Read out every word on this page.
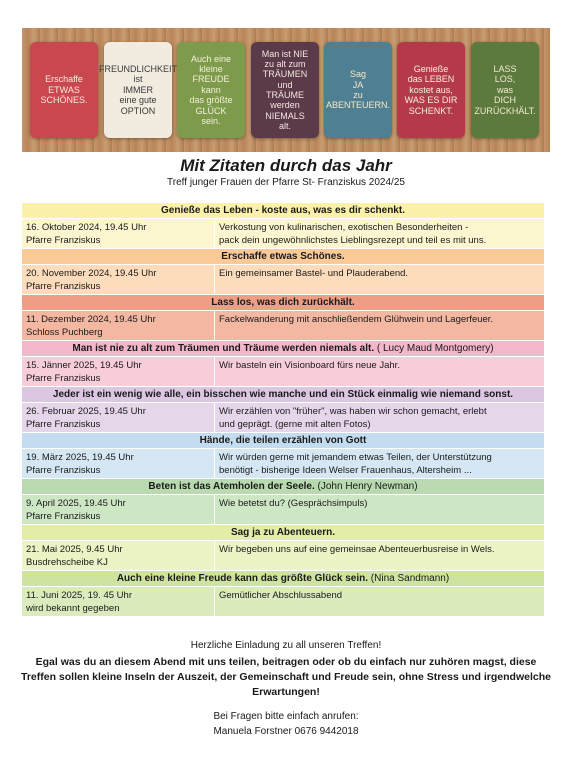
Erschaffe
ETWAS
SCHÖNES.
FREUNDLICHKEIT
ist
IMMER
eine gute
OPTION
Auch eine
kleine
FREUDE
kann
das größte
GLÜCK
sein.
Man ist NIE
zu alt zum
TRÄUMEN
und
TRÄUME
werden
NIEMALS
alt.
Sag
JA
zu
ABENTEUERN.
Genieße
das LEBEN
kostet aus,
WAS ES DIR
SCHENKT.
LASS
LOS,
was
DICH
ZURÜCKHÄLT.
Mit Zitaten durch das Jahr
Treff junger Frauen der Pfarre St- Franziskus 2024/25
Genieße das Leben - koste aus, was es dir schenkt.
16. Oktober 2024, 19.45 Uhr
Pfarre Franziskus
Verkostung von kulinarischen, exotischen Besonderheiten -
pack dein ungewöhnlichstes Lieblingsrezept und teil es mit uns.
Erschaffe etwas Schönes.
20. November 2024, 19.45 Uhr
Pfarre Franziskus
Ein gemeinsamer Bastel- und Plauderabend.
Lass los, was dich zurückhält.
11. Dezember 2024, 19.45 Uhr
Schloss Puchberg
Fackelwanderung mit anschließendem Glühwein und Lagerfeuer.
Man ist nie zu alt zum Träumen und Träume werden niemals alt. ( Lucy Maud Montgomery)
15. Jänner 2025, 19.45 Uhr
Pfarre Franziskus
Wir basteln ein Visionboard fürs neue Jahr.
Jeder ist ein wenig wie alle, ein bisschen wie manche und ein Stück einmalig wie niemand sonst.
26. Februar 2025, 19.45 Uhr
Pfarre Franziskus
Wir erzählen von "früher", was haben wir schon gemacht, erlebt
und geprägt. (gerne mit alten Fotos)
Hände, die teilen erzählen von Gott
19. März 2025, 19.45 Uhr
Pfarre Franziskus
Wir würden gerne mit jemandem etwas Teilen, der Unterstützung
benötigt - bisherige Ideen Welser Frauenhaus, Altersheim ...
Beten ist das Atemholen der Seele. (John Henry Newman)
9. April 2025, 19.45 Uhr
Pfarre Franziskus
Wie betetst du? (Gesprächsimpuls)
Sag ja zu Abenteuern.
21. Mai 2025, 9.45 Uhr
Busdrehscheibe KJ
Wir begeben uns auf eine gemeinsae Abenteuerbusreise in Wels.
Auch eine kleine Freude kann das größte Glück sein. (Nina Sandmann)
11. Juni 2025, 19. 45 Uhr
wird bekannt gegeben
Gemütlicher Abschlussabend
Herzliche Einladung zu all unseren Treffen!
Egal was du an diesem Abend mit uns teilen, beitragen oder ob du einfach nur zuhören magst, diese Treffen sollen kleine Inseln der Auszeit, der Gemeinschaft und Freude sein, ohne Stress und irgendwelche Erwartungen!
Bei Fragen bitte einfach anrufen:
Manuela Forstner 0676 9442018
